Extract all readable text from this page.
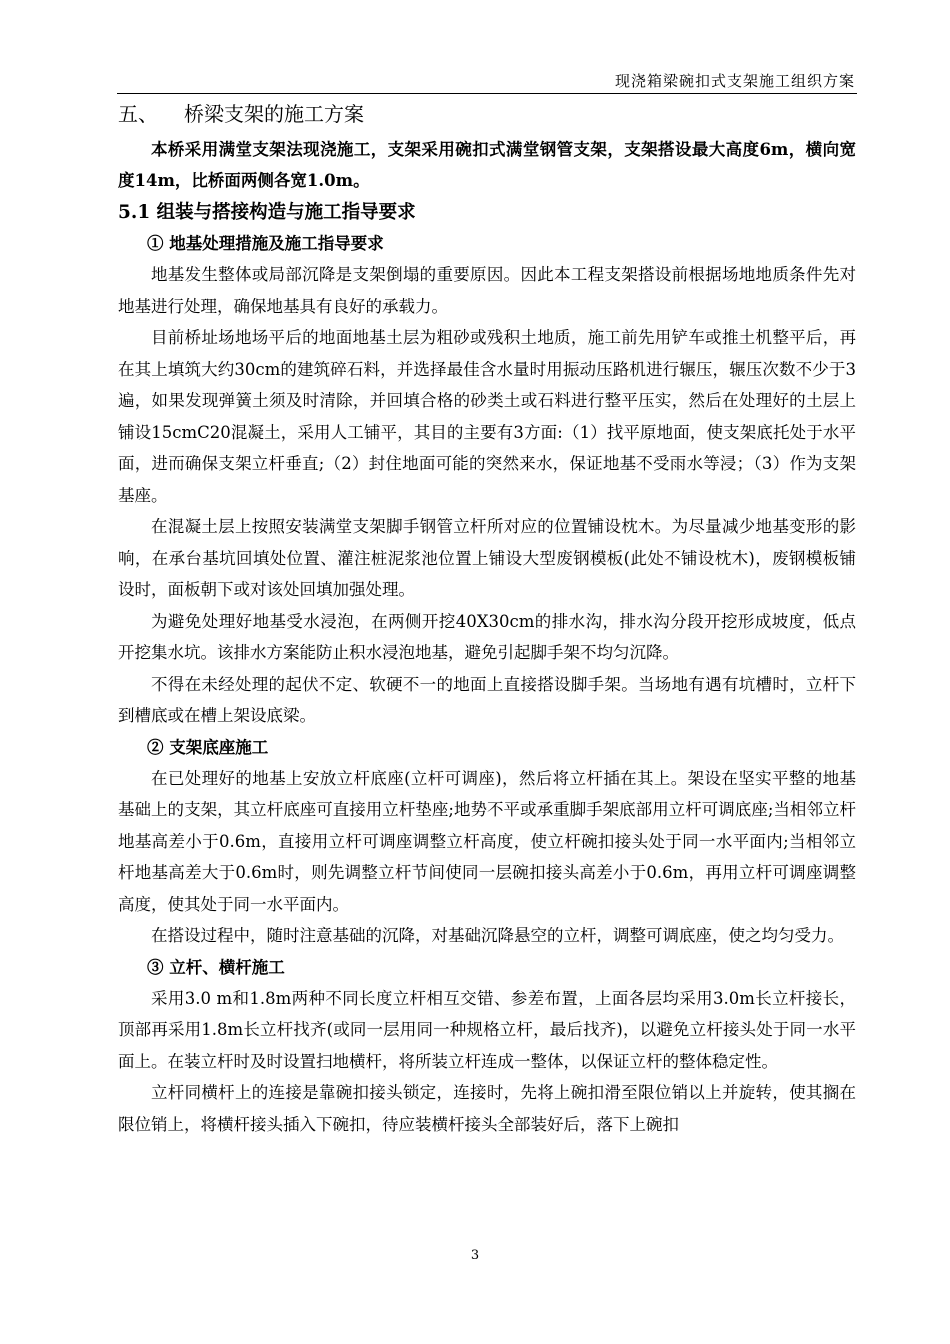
现浇箱梁碗扣式支架施工组织方案
五、 桥梁支架的施工方案

本桥采用满堂支架法现浇施工，支架采用碗扣式满堂钢管支架，支架搭设最大高度6m，横向宽度14m，比桥面两侧各宽1.0m。

5.1 组装与搭接构造与施工指导要求
① 地基处理措施及施工指导要求

地基发生整体或局部沉降是支架倒塌的重要原因。因此本工程支架搭设前根据场地地质条件先对地基进行处理，确保地基具有良好的承载力。

目前桥址场地场平后的地面地基土层为粗砂或残积土地质，施工前先用铲车或推土机整平后，再在其上填筑大约30cm的建筑碎石料，并选择最佳含水量时用振动压路机进行辗压，辗压次数不少于3遍，如果发现弹簧土须及时清除，并回填合格的砂类土或石料进行整平压实，然后在处理好的土层上铺设15cmC20混凝土，采用人工铺平，其目的主要有3方面:（1）找平原地面，使支架底托处于水平面，进而确保支架立杆垂直;（2）封住地面可能的突然来水，保证地基不受雨水等浸；（3）作为支架基座。

在混凝土层上按照安装满堂支架脚手钢管立杆所对应的位置铺设枕木。为尽量减少地基变形的影响，在承台基坑回填处位置、灌注桩泥浆池位置上铺设大型废钢模板(此处不铺设枕木)，废钢模板铺设时，面板朝下或对该处回填加强处理。

为避免处理好地基受水浸泡，在两侧开挖40X30cm的排水沟，排水沟分段开挖形成坡度，低点开挖集水坑。该排水方案能防止积水浸泡地基，避免引起脚手架不均匀沉降。

不得在未经处理的起伏不定、软硬不一的地面上直接搭设脚手架。当场地有遇有坑槽时，立杆下到槽底或在槽上架设底梁。

② 支架底座施工

在已处理好的地基上安放立杆底座(立杆可调座)，然后将立杆插在其上。架设在坚实平整的地基基础上的支架，其立杆底座可直接用立杆垫座;地势不平或承重脚手架底部用立杆可调底座;当相邻立杆地基高差小于0.6m，直接用立杆可调座调整立杆高度，使立杆碗扣接头处于同一水平面内;当相邻立杆地基高差大于0.6m时，则先调整立杆节间使同一层碗扣接头高差小于0.6m，再用立杆可调座调整高度，使其处于同一水平面内。

在搭设过程中，随时注意基础的沉降，对基础沉降悬空的立杆，调整可调底座，使之均匀受力。

③ 立杆、横杆施工

采用3.0 m和1.8m两种不同长度立杆相互交错、参差布置，上面各层均采用3.0m长立杆接长，顶部再采用1.8m长立杆找齐(或同一层用同一种规格立杆，最后找齐)，以避免立杆接头处于同一水平面上。在装立杆时及时设置扫地横杆，将所装立杆连成一整体，以保证立杆的整体稳定性。

立杆同横杆上的连接是靠碗扣接头锁定，连接时，先将上碗扣滑至限位销以上并旋转，使其搁在限位销上，将横杆接头插入下碗扣，待应装横杆接头全部装好后，落下上碗扣

3
